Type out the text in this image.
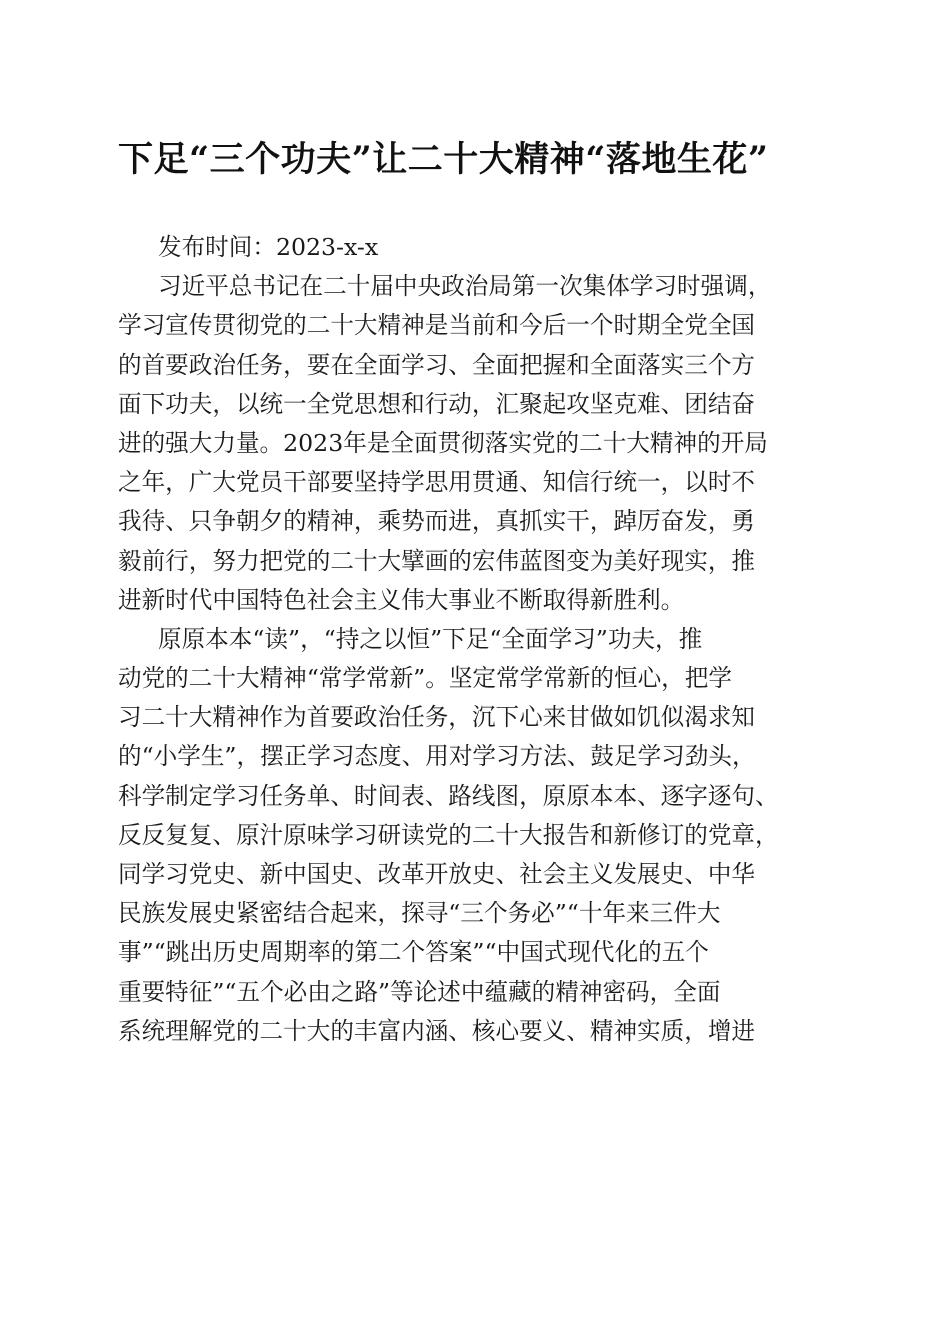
下足“三个功夫”让二十大精神“落地生花”
发布时间：2023-x-x
习近平总书记在二十届中央政治局第一次集体学习时强调，
学习宣传贯彻党的二十大精神是当前和今后一个时期全党全国
的首要政治任务，要在全面学习、全面把握和全面落实三个方
面下功夫，以统一全党思想和行动，汇聚起攻坚克难、团结奋
进的强大力量。2023年是全面贯彻落实党的二十大精神的开局
之年，广大党员干部要坚持学思用贯通、知信行统一，以时不
我待、只争朝夕的精神，乘势而进，真抓实干，踔厉奋发，勇
毅前行，努力把党的二十大擘画的宏伟蓝图变为美好现实，推
进新时代中国特色社会主义伟大事业不断取得新胜利。
原原本本“读”，“持之以恒”下足“全面学习”功夫，推
动党的二十大精神“常学常新”。坚定常学常新的恒心，把学
习二十大精神作为首要政治任务，沉下心来甘做如饥似渴求知
的“小学生”，摆正学习态度、用对学习方法、鼓足学习劲头，
科学制定学习任务单、时间表、路线图，原原本本、逐字逐句、
反反复复、原汁原味学习研读党的二十大报告和新修订的党章，
同学习党史、新中国史、改革开放史、社会主义发展史、中华
民族发展史紧密结合起来，探寻“三个务必”“十年来三件大
事”“跳出历史周期率的第二个答案”“中国式现代化的五个
重要特征”“五个必由之路”等论述中蕴藏的精神密码，全面
系统理解党的二十大的丰富内涵、核心要义、精神实质，增进
